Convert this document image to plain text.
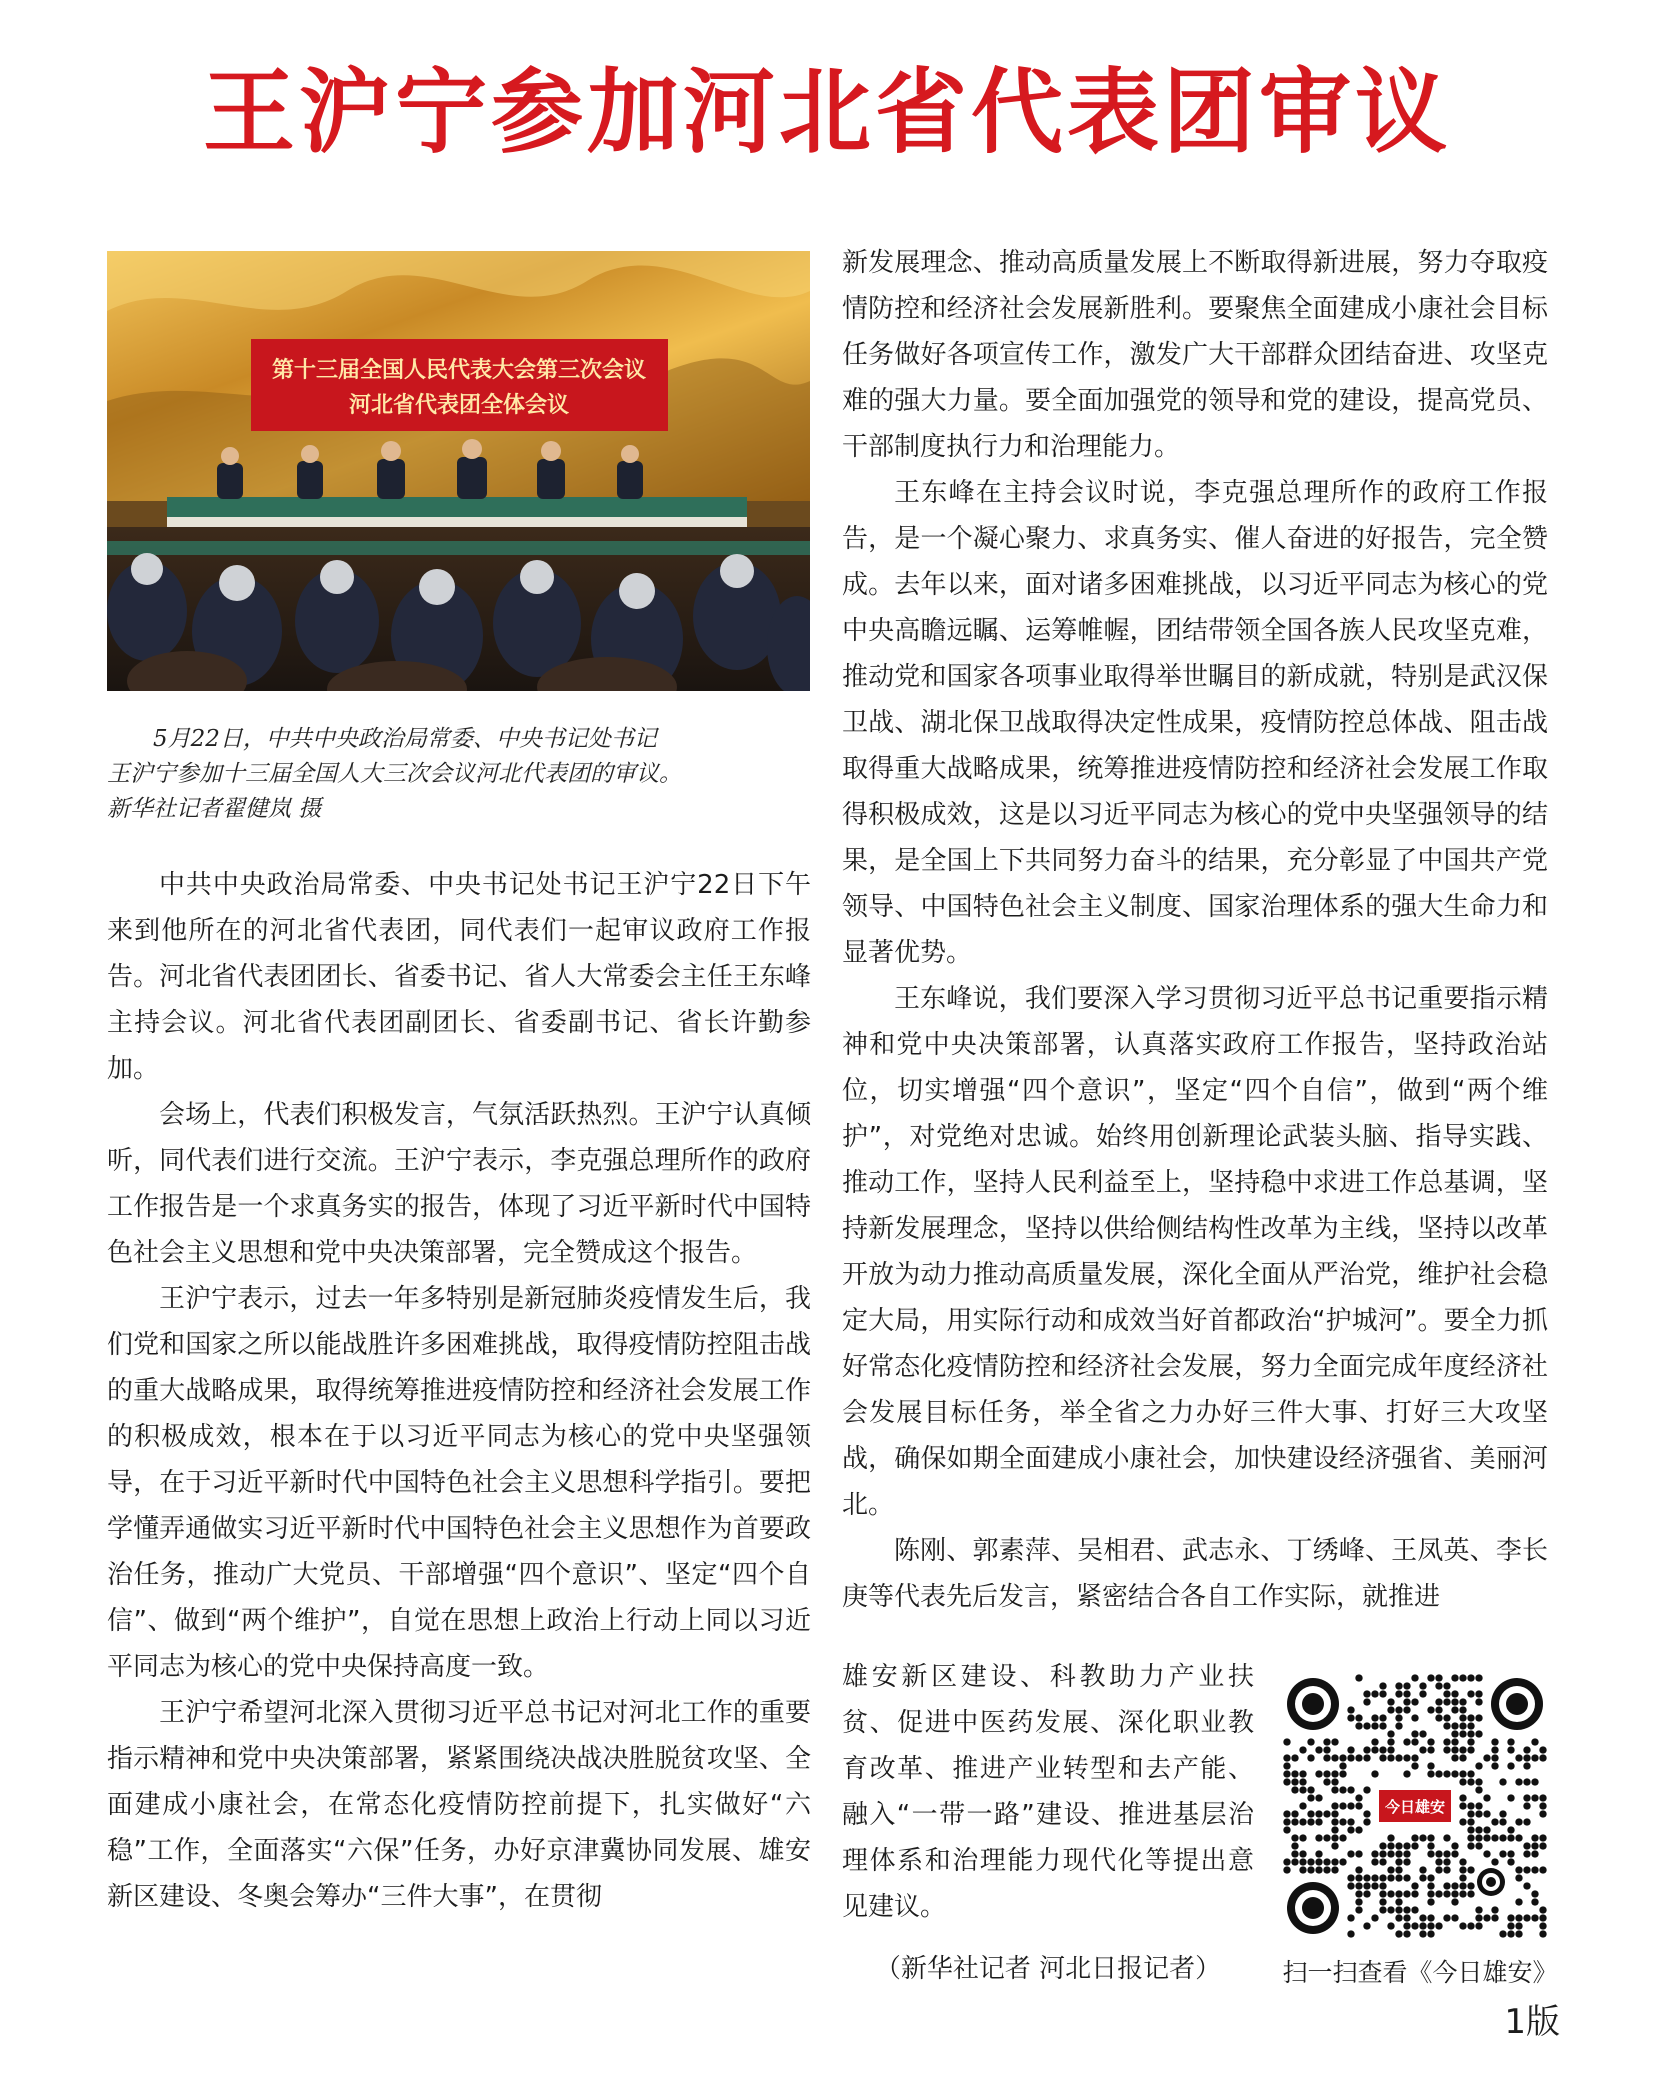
王沪宁参加河北省代表团审议
第十三届全国人民代表大会第三次会议
河北省代表团全体会议

5月22日，中共中央政治局常委、中央书记处书记

王沪宁参加十三届全国人大三次会议河北代表团的审议。

新华社记者翟健岚 摄

中共中央政治局常委、中央书记处书记王沪宁22日下午来到他所在的河北省代表团，同代表们一起审议政府工作报告。河北省代表团团长、省委书记、省人大常委会主任王东峰主持会议。河北省代表团副团长、省委副书记、省长许勤参加。

会场上，代表们积极发言，气氛活跃热烈。王沪宁认真倾听，同代表们进行交流。王沪宁表示，李克强总理所作的政府工作报告是一个求真务实的报告，体现了习近平新时代中国特色社会主义思想和党中央决策部署，完全赞成这个报告。

王沪宁表示，过去一年多特别是新冠肺炎疫情发生后，我们党和国家之所以能战胜许多困难挑战，取得疫情防控阻击战的重大战略成果，取得统筹推进疫情防控和经济社会发展工作的积极成效，根本在于以习近平同志为核心的党中央坚强领导，在于习近平新时代中国特色社会主义思想科学指引。要把学懂弄通做实习近平新时代中国特色社会主义思想作为首要政治任务，推动广大党员、干部增强“四个意识”、坚定“四个自信”、做到“两个维护”，自觉在思想上政治上行动上同以习近平同志为核心的党中央保持高度一致。

王沪宁希望河北深入贯彻习近平总书记对河北工作的重要指示精神和党中央决策部署，紧紧围绕决战决胜脱贫攻坚、全面建成小康社会，在常态化疫情防控前提下，扎实做好“六稳”工作，全面落实“六保”任务，办好京津冀协同发展、雄安新区建设、冬奥会筹办“三件大事”，在贯彻

新发展理念、推动高质量发展上不断取得新进展，努力夺取疫情防控和经济社会发展新胜利。要聚焦全面建成小康社会目标任务做好各项宣传工作，激发广大干部群众团结奋进、攻坚克难的强大力量。要全面加强党的领导和党的建设，提高党员、干部制度执行力和治理能力。

王东峰在主持会议时说，李克强总理所作的政府工作报告，是一个凝心聚力、求真务实、催人奋进的好报告，完全赞成。去年以来，面对诸多困难挑战，以习近平同志为核心的党中央高瞻远瞩、运筹帷幄，团结带领全国各族人民攻坚克难，推动党和国家各项事业取得举世瞩目的新成就，特别是武汉保卫战、湖北保卫战取得决定性成果，疫情防控总体战、阻击战取得重大战略成果，统筹推进疫情防控和经济社会发展工作取得积极成效，这是以习近平同志为核心的党中央坚强领导的结果，是全国上下共同努力奋斗的结果，充分彰显了中国共产党领导、中国特色社会主义制度、国家治理体系的强大生命力和显著优势。

王东峰说，我们要深入学习贯彻习近平总书记重要指示精神和党中央决策部署，认真落实政府工作报告，坚持政治站位，切实增强“四个意识”，坚定“四个自信”，做到“两个维护”，对党绝对忠诚。始终用创新理论武装头脑、指导实践、推动工作，坚持人民利益至上，坚持稳中求进工作总基调，坚持新发展理念，坚持以供给侧结构性改革为主线，坚持以改革开放为动力推动高质量发展，深化全面从严治党，维护社会稳定大局，用实际行动和成效当好首都政治“护城河”。要全力抓好常态化疫情防控和经济社会发展，努力全面完成年度经济社会发展目标任务，举全省之力办好三件大事、打好三大攻坚战，确保如期全面建成小康社会，加快建设经济强省、美丽河北。

陈刚、郭素萍、吴相君、武志永、丁绣峰、王凤英、李长庚等代表先后发言，紧密结合各自工作实际，就推进

雄安新区建设、科教助力产业扶贫、促进中医药发展、深化职业教育改革、推进产业转型和去产能、融入“一带一路”建设、推进基层治理体系和治理能力现代化等提出意见建议。

（新华社记者 河北日报记者）
今日雄安
扫一扫查看《今日雄安》
1版
